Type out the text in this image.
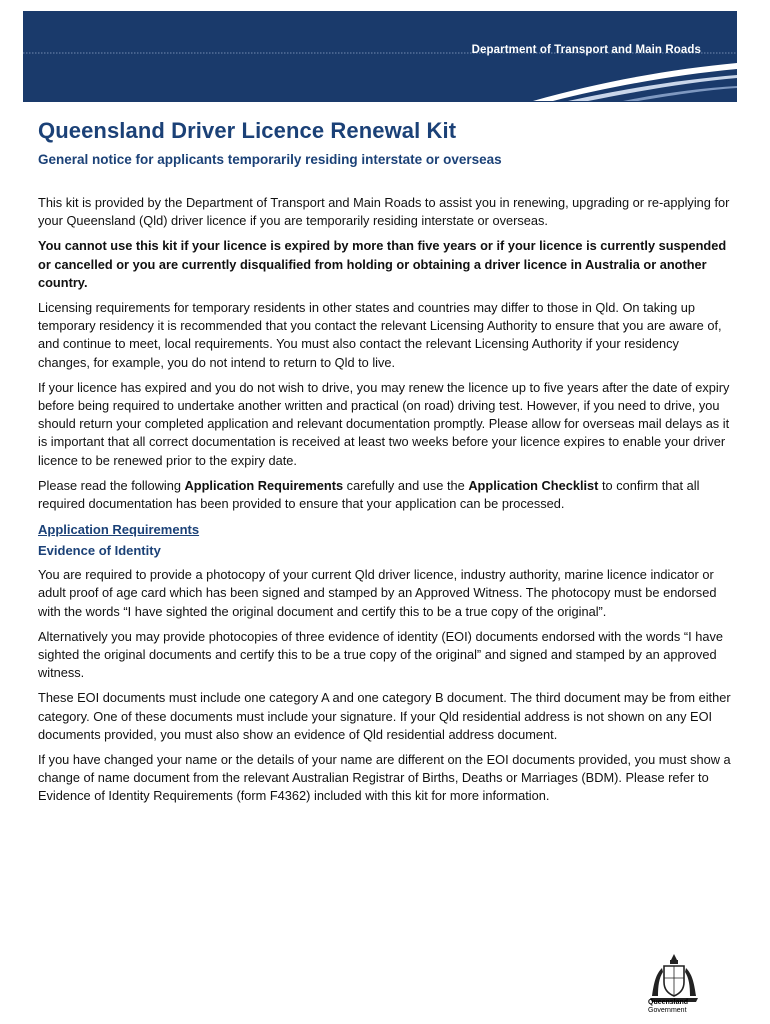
Department of Transport and Main Roads
Queensland Driver Licence Renewal Kit
General notice for applicants temporarily residing interstate or overseas

This kit is provided by the Department of Transport and Main Roads to assist you in renewing, upgrading or re-applying for your Queensland (Qld) driver licence if you are temporarily residing interstate or overseas.

You cannot use this kit if your licence is expired by more than five years or if your licence is currently suspended or cancelled or you are currently disqualified from holding or obtaining a driver licence in Australia or another country.

Licensing requirements for temporary residents in other states and countries may differ to those in Qld. On taking up temporary residency it is recommended that you contact the relevant Licensing Authority to ensure that you are aware of, and continue to meet, local requirements. You must also contact the relevant Licensing Authority if your residency changes, for example, you do not intend to return to Qld to live.

If your licence has expired and you do not wish to drive, you may renew the licence up to five years after the date of expiry before being required to undertake another written and practical (on road) driving test. However, if you need to drive, you should return your completed application and relevant documentation promptly. Please allow for overseas mail delays as it is important that all correct documentation is received at least two weeks before your licence expires to enable your driver licence to be renewed prior to the expiry date.

Please read the following Application Requirements carefully and use the Application Checklist to confirm that all required documentation has been provided to ensure that your application can be processed.

Application Requirements
Evidence of Identity

You are required to provide a photocopy of your current Qld driver licence, industry authority, marine licence indicator or adult proof of age card which has been signed and stamped by an Approved Witness. The photocopy must be endorsed with the words “I have sighted the original document and certify this to be a true copy of the original”.

Alternatively you may provide photocopies of three evidence of identity (EOI) documents endorsed with the words “I have sighted the original documents and certify this to be a true copy of the original” and signed and stamped by an approved witness.

These EOI documents must include one category A and one category B document. The third document may be from either category. One of these documents must include your signature. If your Qld residential address is not shown on any EOI documents provided, you must also show an evidence of Qld residential address document.

If you have changed your name or the details of your name are different on the EOI documents provided, you must show a change of name document from the relevant Australian Registrar of Births, Deaths or Marriages (BDM). Please refer to Evidence of Identity Requirements (form F4362) included with this kit for more information.

Queensland
Government
